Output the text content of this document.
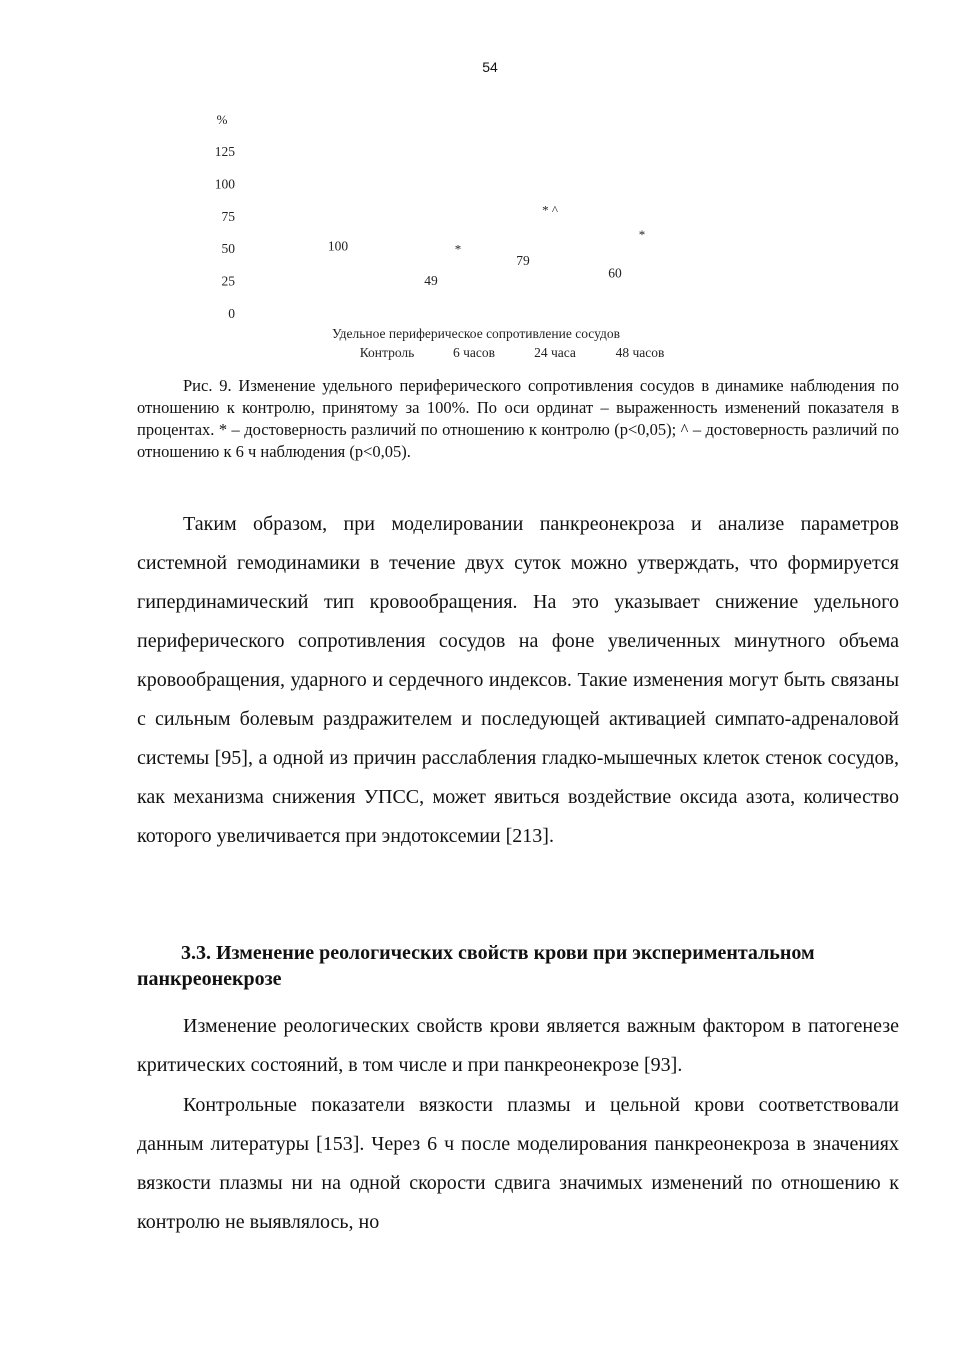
54
%
0
25
50
75
100
125
100
Контроль
49
*
6 часов
79
* ^
24 часа
60
*
48 часов
Удельное периферическое сопротивление сосудов
Рис. 9. Изменение удельного периферического сопротивления сосудов в динамике наблюдения по отношению к контролю, принятому за 100%. По оси ординат – выраженность изменений показателя в процентах. * – достоверность различий по отношению к контролю (p<0,05); ^ – достоверность различий по отношению к 6 ч наблюдения (p<0,05).

Таким образом, при моделировании панкреонекроза и анализе параметров системной гемодинамики в течение двух суток можно утверждать, что формируется гипердинамический тип кровообращения. На это указывает снижение удельного периферического сопротивления сосудов на фоне увеличенных минутного объема кровообращения, ударного и сердечного индексов. Такие изменения могут быть связаны с сильным болевым раздражителем и последующей активацией симпато-адреналовой системы [95], а одной из причин расслабления гладко-мышечных клеток стенок сосудов, как механизма снижения УПСС, может явиться воздействие оксида азота, количество которого увеличивается при эндотоксемии [213].

3.3. Изменение реологических свойств крови при экспериментальном панкреонекрозе

Изменение реологических свойств крови является важным фактором в патогенезе критических состояний, в том числе и при панкреонекрозе [93].

Контрольные показатели вязкости плазмы и цельной крови соответствовали данным литературы [153]. Через 6 ч после моделирования панкреонекроза в значениях вязкости плазмы ни на одной скорости сдвига значимых изменений по отношению к контролю не выявлялось, но
